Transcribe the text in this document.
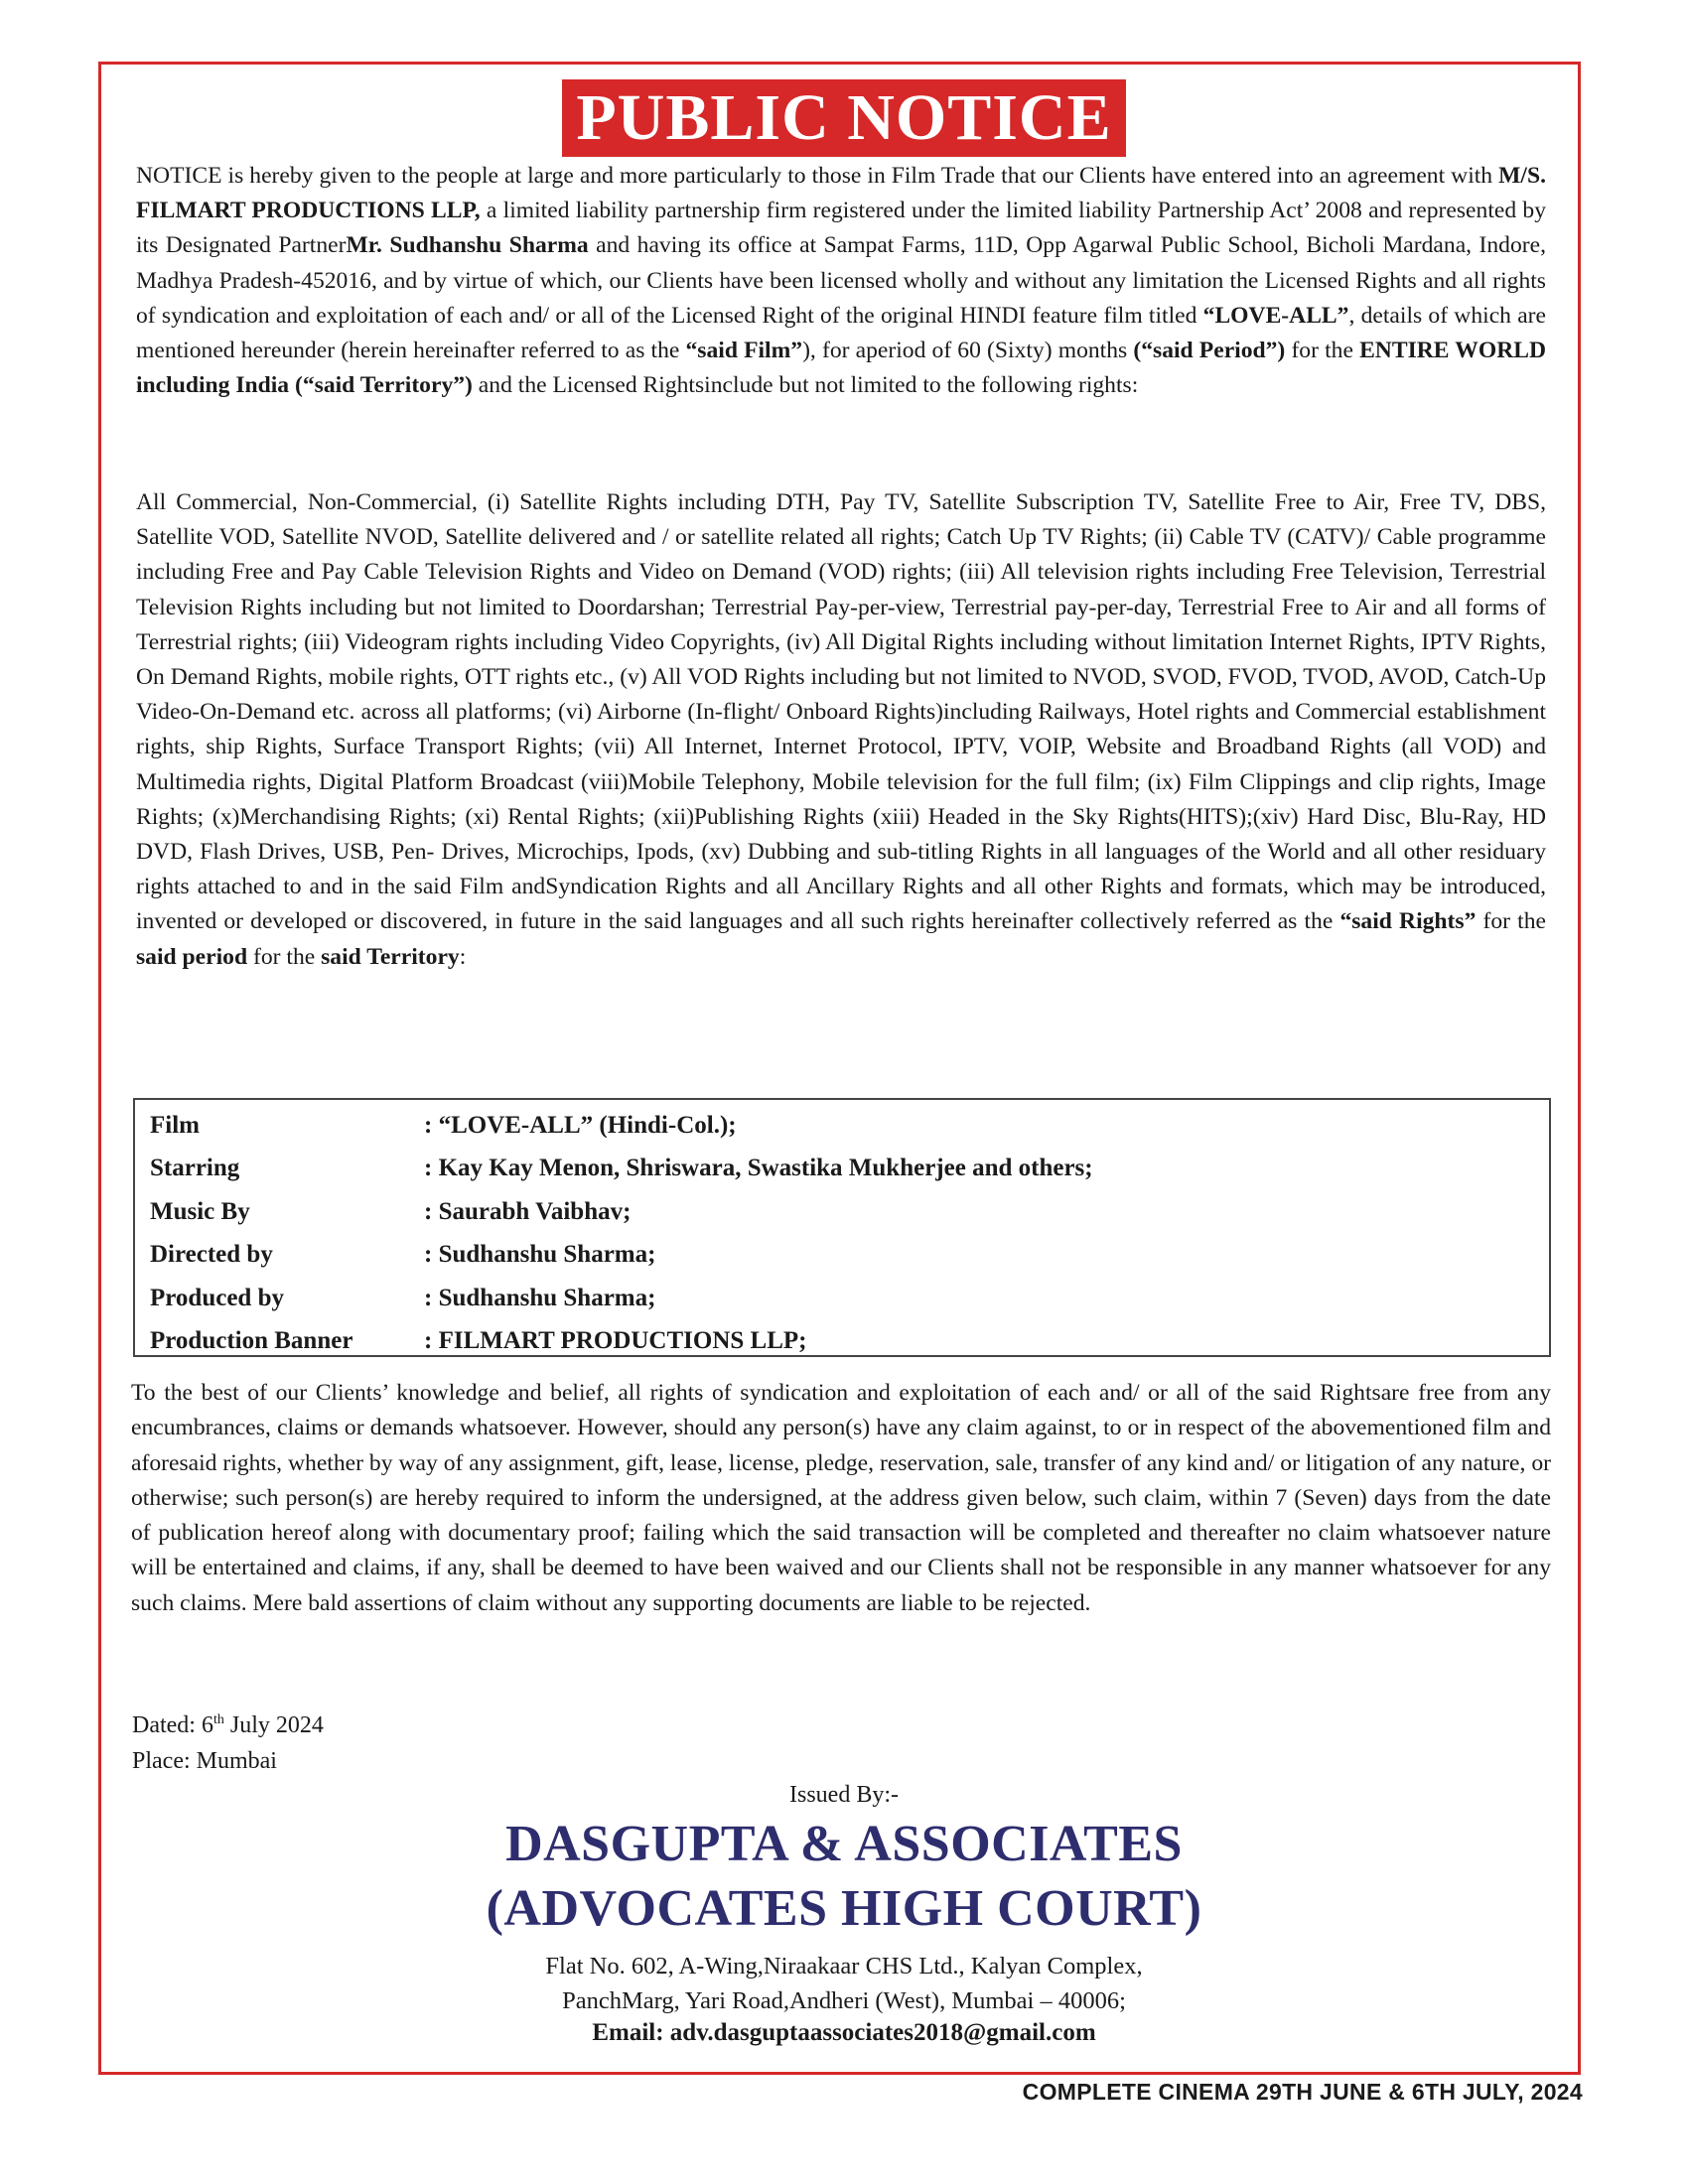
PUBLIC NOTICE
NOTICE is hereby given to the people at large and more particularly to those in Film Trade that our Clients have entered into an agreement with M/S. FILMART PRODUCTIONS LLP, a limited liability partnership firm registered under the limited liability Partnership Act’ 2008 and represented by its Designated PartnerMr. Sudhanshu Sharma and having its office at Sampat Farms, 11D, Opp Agarwal Public School, Bicholi Mardana, Indore, Madhya Pradesh-452016, and by virtue of which, our Clients have been licensed wholly and without any limitation the Licensed Rights and all rights of syndication and exploitation of each and/ or all of the Licensed Right of the original HINDI feature film titled “LOVE-ALL”, details of which are mentioned hereunder (herein hereinafter referred to as the “said Film”), for aperiod of 60 (Sixty) months (“said Period”) for the ENTIRE WORLD including India (“said Territory”) and the Licensed Rightsinclude but not limited to the following rights:
All Commercial, Non-Commercial, (i) Satellite Rights including DTH, Pay TV, Satellite Subscription TV, Satellite Free to Air, Free TV, DBS, Satellite VOD, Satellite NVOD, Satellite delivered and / or satellite related all rights; Catch Up TV Rights; (ii) Cable TV (CATV)/ Cable programme including Free and Pay Cable Television Rights and Video on Demand (VOD) rights; (iii) All television rights including Free Television, Terrestrial Television Rights including but not limited to Doordarshan; Terrestrial Pay-per-view, Terrestrial pay-per-day, Terrestrial Free to Air and all forms of Terrestrial rights; (iii) Videogram rights including Video Copyrights, (iv) All Digital Rights including without limitation Internet Rights, IPTV Rights, On Demand Rights, mobile rights, OTT rights etc., (v) All VOD Rights including but not limited to NVOD, SVOD, FVOD, TVOD, AVOD, Catch-Up Video-On-Demand etc. across all platforms; (vi) Airborne (In-flight/ Onboard Rights)including Railways, Hotel rights and Commercial establishment rights, ship Rights, Surface Transport Rights; (vii) All Internet, Internet Protocol, IPTV, VOIP, Website and Broadband Rights (all VOD) and Multimedia rights, Digital Platform Broadcast (viii)Mobile Telephony, Mobile television for the full film; (ix) Film Clippings and clip rights, Image Rights; (x)Merchandising Rights; (xi) Rental Rights; (xii)Publishing Rights (xiii) Headed in the Sky Rights(HITS);(xiv) Hard Disc, Blu-Ray, HD DVD, Flash Drives, USB, Pen- Drives, Microchips, Ipods, (xv) Dubbing and sub-titling Rights in all languages of the World and all other residuary rights attached to and in the said Film andSyndication Rights and all Ancillary Rights and all other Rights and formats, which may be introduced, invented or developed or discovered, in future in the said languages and all such rights hereinafter collectively referred as the “said Rights” for the said period for the said Territory:
Film	: “LOVE-ALL” (Hindi-Col.);
Starring	: Kay Kay Menon, Shriswara, Swastika Mukherjee and others;
Music By	: Saurabh Vaibhav;
Directed by	: Sudhanshu Sharma;
Produced by	: Sudhanshu Sharma;
Production Banner	: FILMART PRODUCTIONS LLP;
To the best of our Clients’ knowledge and belief, all rights of syndication and exploitation of each and/ or all of the said Rightsare free from any encumbrances, claims or demands whatsoever. However, should any person(s) have any claim against, to or in respect of the abovementioned film and aforesaid rights, whether by way of any assignment, gift, lease, license, pledge, reservation, sale, transfer of any kind and/ or litigation of any nature, or otherwise; such person(s) are hereby required to inform the undersigned, at the address given below, such claim, within 7 (Seven) days from the date of publication hereof along with documentary proof; failing which the said transaction will be completed and thereafter no claim whatsoever nature will be entertained and claims, if any, shall be deemed to have been waived and our Clients shall not be responsible in any manner whatsoever for any such claims. Mere bald assertions of claim without any supporting documents are liable to be rejected.
Dated: 6th July 2024
Place: Mumbai
Issued By:-
DASGUPTA & ASSOCIATES
(ADVOCATES HIGH COURT)
Flat No. 602, A-Wing,Niraakaar CHS Ltd., Kalyan Complex,
PanchMarg, Yari Road,Andheri (West), Mumbai – 40006;
Email: adv.dasguptaassociates2018@gmail.com
COMPLETE CINEMA 29TH JUNE & 6TH JULY, 2024
